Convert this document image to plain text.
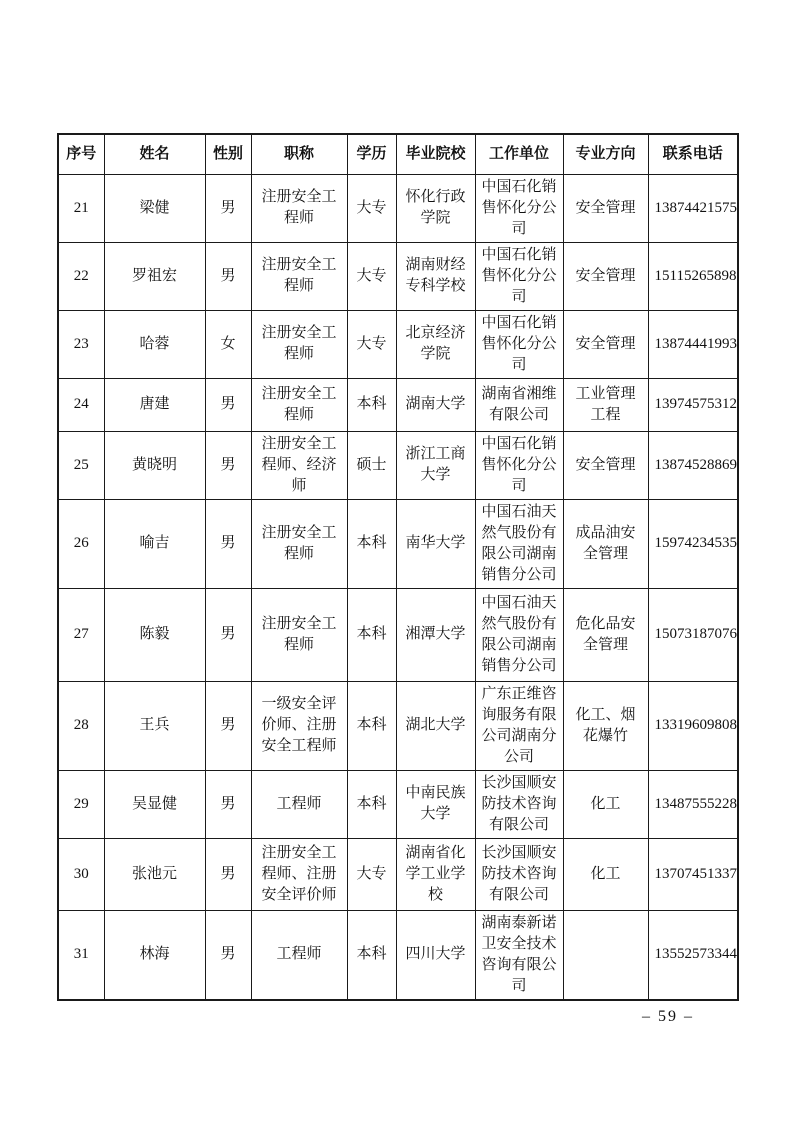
序号	姓名	性别	职称	学历	毕业院校	工作单位	专业方向	联系电话
21	梁健	男	注册安全工程师	大专	怀化行政学院	中国石化销售怀化分公司	安全管理	13874421575
22	罗祖宏	男	注册安全工程师	大专	湖南财经专科学校	中国石化销售怀化分公司	安全管理	15115265898
23	哈蓉	女	注册安全工程师	大专	北京经济学院	中国石化销售怀化分公司	安全管理	13874441993
24	唐建	男	注册安全工程师	本科	湖南大学	湖南省湘维有限公司	工业管理工程	13974575312
25	黄晓明	男	注册安全工程师、经济师	硕士	浙江工商大学	中国石化销售怀化分公司	安全管理	13874528869
26	喻吉	男	注册安全工程师	本科	南华大学	中国石油天然气股份有限公司湖南销售分公司	成品油安全管理	15974234535
27	陈毅	男	注册安全工程师	本科	湘潭大学	中国石油天然气股份有限公司湖南销售分公司	危化品安全管理	15073187076
28	王兵	男	一级安全评价师、注册安全工程师	本科	湖北大学	广东正维咨询服务有限公司湖南分公司	化工、烟花爆竹	13319609808
29	吴显健	男	工程师	本科	中南民族大学	长沙国顺安防技术咨询有限公司	化工	13487555228
30	张池元	男	注册安全工程师、注册安全评价师	大专	湖南省化学工业学校	长沙国顺安防技术咨询有限公司	化工	13707451337
31	林海	男	工程师	本科	四川大学	湖南泰新诺卫安全技术咨询有限公司		13552573344
– 59 –
